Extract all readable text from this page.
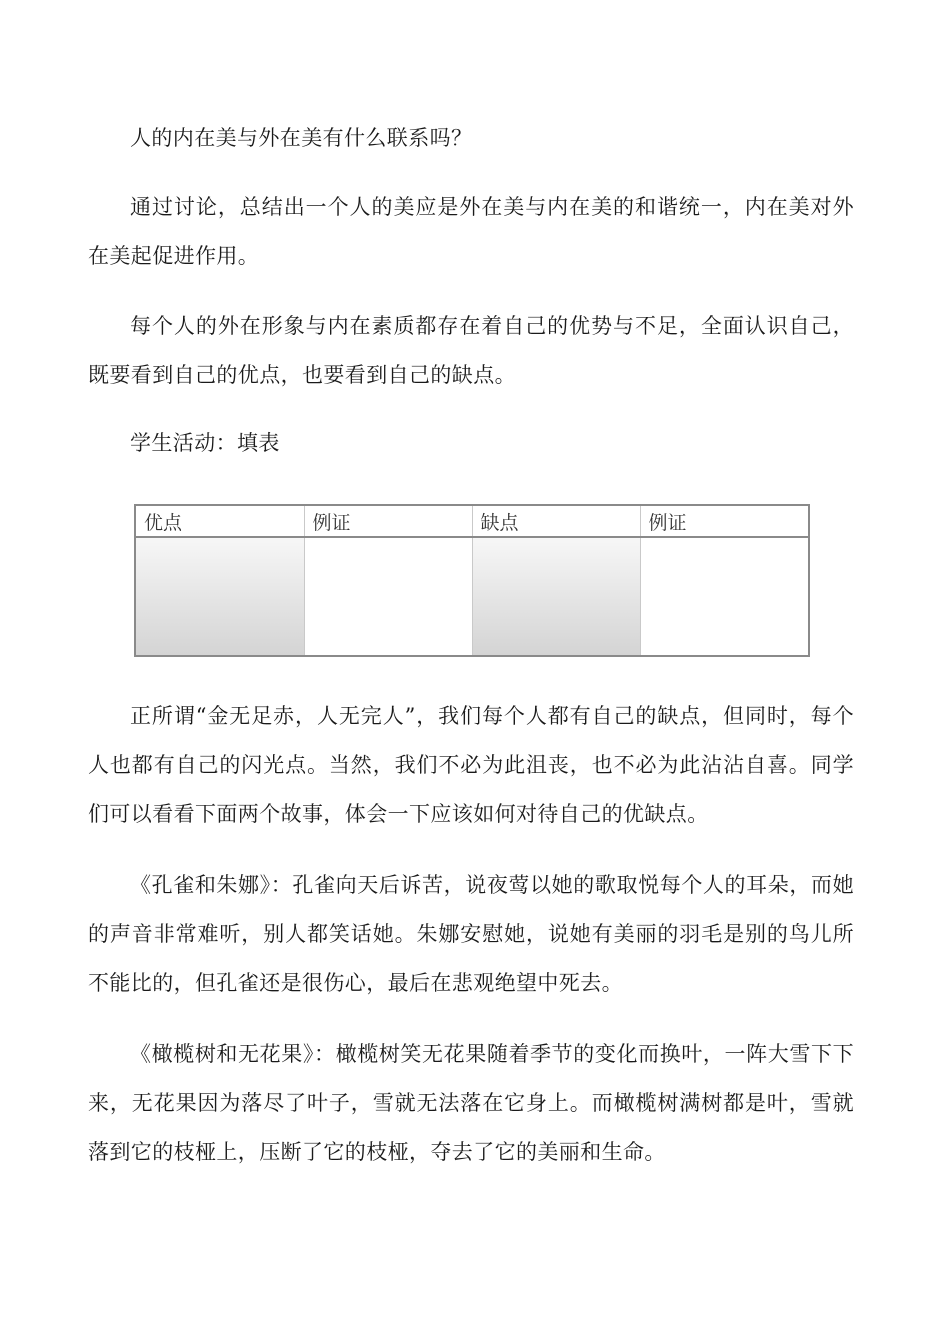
人的内在美与外在美有什么联系吗？

通过讨论，总结出一个人的美应是外在美与内在美的和谐统一，内在美对外在美起促进作用。

每个人的外在形象与内在素质都存在着自己的优势与不足，全面认识自己，既要看到自己的优点，也要看到自己的缺点。

学生活动：填表

优点	例证	缺点	例证

正所谓“金无足赤，人无完人”，我们每个人都有自己的缺点，但同时，每个人也都有自己的闪光点。当然，我们不必为此沮丧，也不必为此沾沾自喜。同学们可以看看下面两个故事，体会一下应该如何对待自己的优缺点。

《孔雀和朱娜》：孔雀向天后诉苦，说夜莺以她的歌取悦每个人的耳朵，而她的声音非常难听，别人都笑话她。朱娜安慰她，说她有美丽的羽毛是别的鸟儿所不能比的，但孔雀还是很伤心，最后在悲观绝望中死去。

《橄榄树和无花果》：橄榄树笑无花果随着季节的变化而换叶，一阵大雪下下来，无花果因为落尽了叶子，雪就无法落在它身上。而橄榄树满树都是叶，雪就落到它的枝桠上，压断了它的枝桠，夺去了它的美丽和生命。
